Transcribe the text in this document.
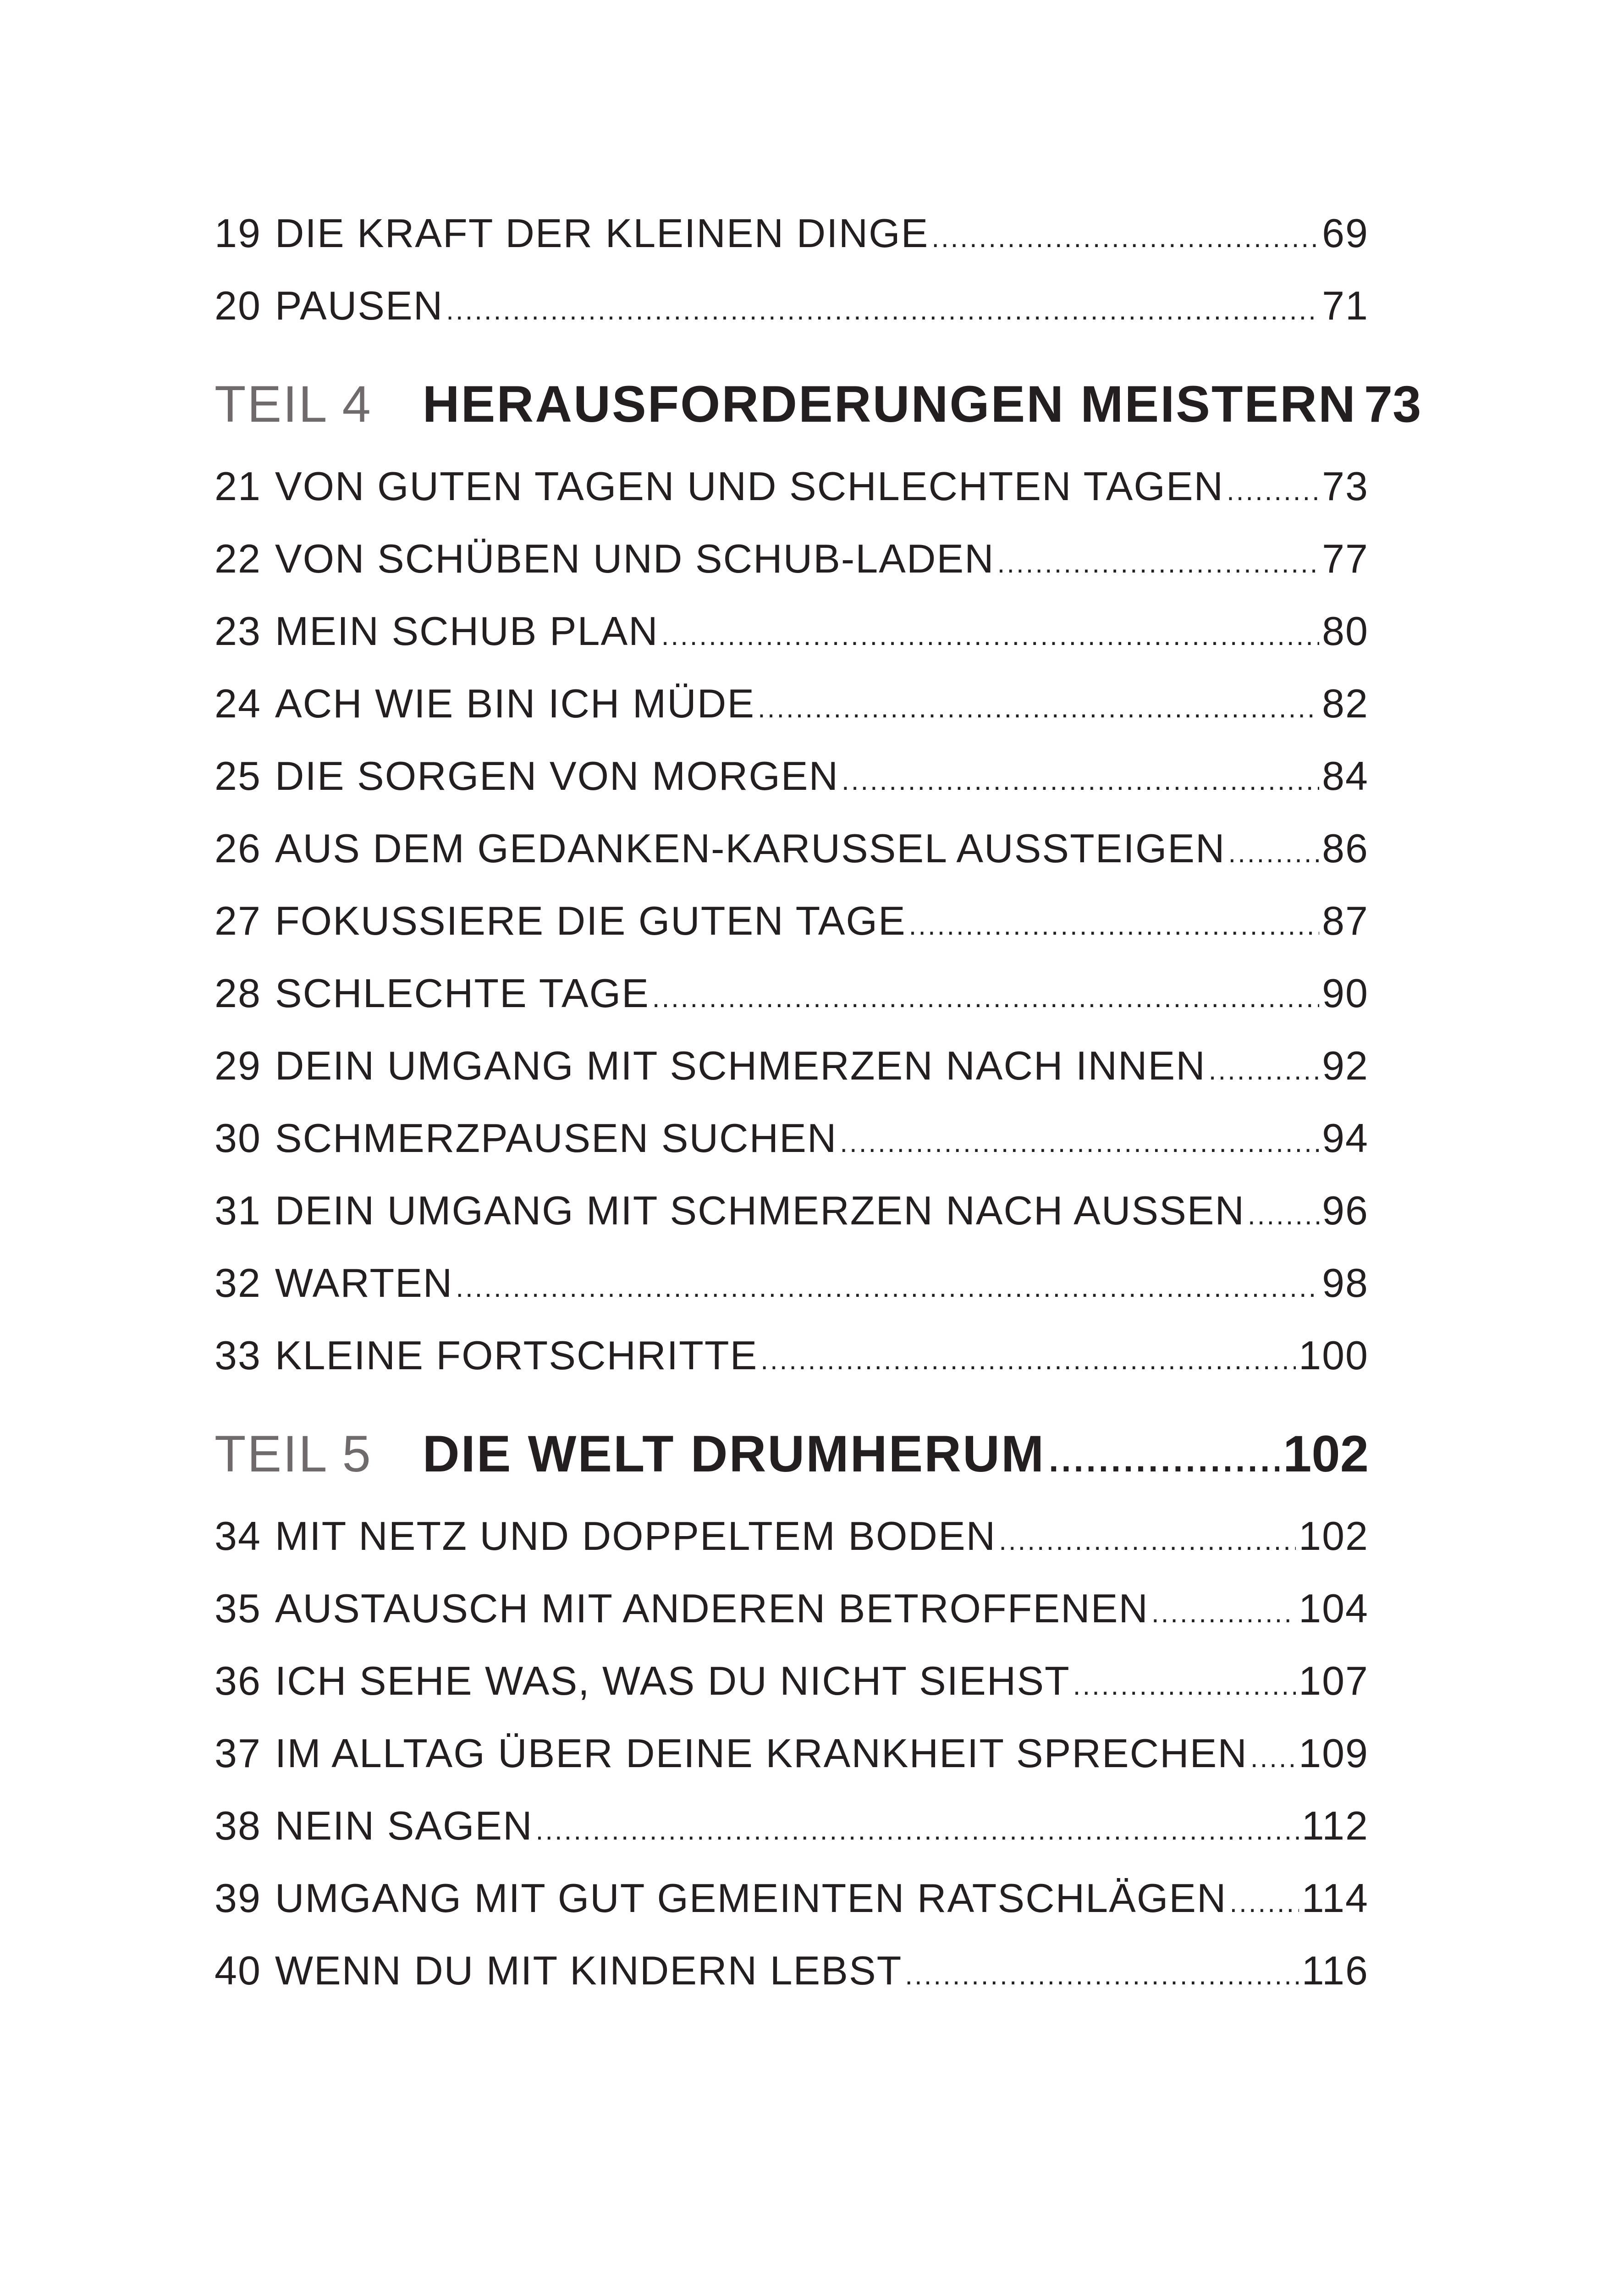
19 DIE KRAFT DER KLEINEN DINGE .....	69
20 PAUSEN .....	71
TEIL 4 HERAUSFORDERUNGEN MEISTERN 73
21 VON GUTEN TAGEN UND SCHLECHTEN TAGEN ..... 73
22 VON SCHÜBEN UND SCHUB-LADEN .....	77
23 MEIN SCHUB PLAN .....	80
24 ACH WIE BIN ICH MÜDE .....	82
25 DIE SORGEN VON MORGEN .....	84
26 AUS DEM GEDANKEN-KARUSSEL AUSSTEIGEN ..... 86
27 FOKUSSIERE DIE GUTEN TAGE .....	87
28 SCHLECHTE TAGE .....	90
29 DEIN UMGANG MIT SCHMERZEN NACH INNEN .....	92
30 SCHMERZPAUSEN SUCHEN .....	94
31 DEIN UMGANG MIT SCHMERZEN NACH AUSSEN ..... 96
32 WARTEN .....	98
33 KLEINE FORTSCHRITTE .....	100
TEIL 5 DIE WELT DRUMHERUM .....	102
34 MIT NETZ UND DOPPELTEM BODEN .....	102
35 AUSTAUSCH MIT ANDEREN BETROFFENEN .....	104
36 ICH SEHE WAS, WAS DU NICHT SIEHST .....	107
37 IM ALLTAG ÜBER DEINE KRANKHEIT SPRECHEN ..... 109
38 NEIN SAGEN .....	112
39 UMGANG MIT GUT GEMEINTEN RATSCHLÄGEN ..... 114
40 WENN DU MIT KINDERN LEBST .....	116
